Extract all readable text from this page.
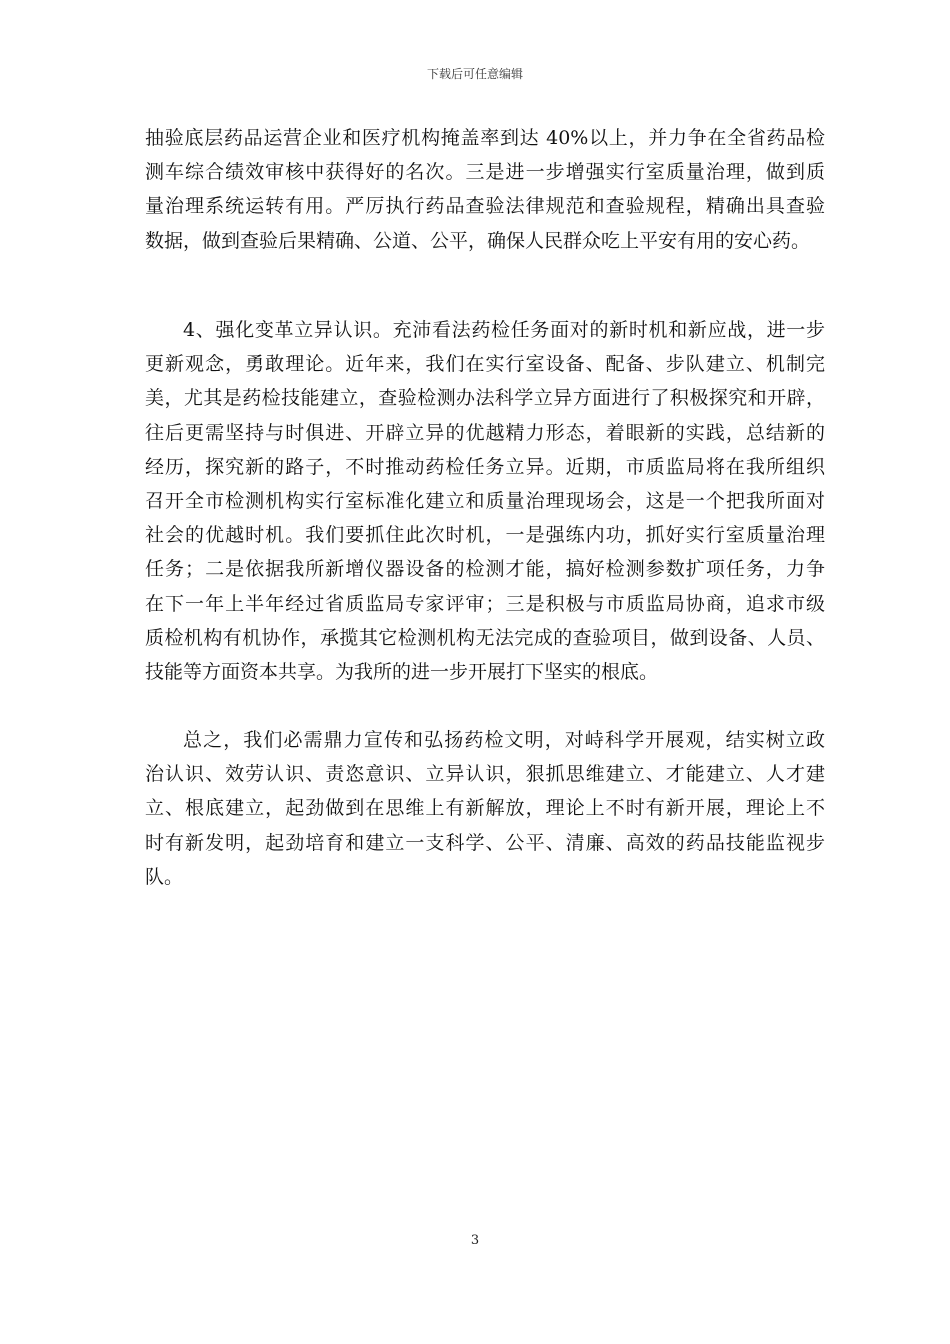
下载后可任意编辑
抽验底层药品运营企业和医疗机构掩盖率到达 40%以上，并力争在全省药品检
测车综合绩效审核中获得好的名次。三是进一步增强实行室质量治理，做到质
量治理系统运转有用。严厉执行药品查验法律规范和查验规程，精确出具查验
数据，做到查验后果精确、公道、公平，确保人民群众吃上平安有用的安心药。
4、强化变革立异认识。充沛看法药检任务面对的新时机和新应战，进一步
更新观念，勇敢理论。近年来，我们在实行室设备、配备、步队建立、机制完
美，尤其是药检技能建立，查验检测办法科学立异方面进行了积极探究和开辟，
往后更需坚持与时俱进、开辟立异的优越精力形态，着眼新的实践，总结新的
经历，探究新的路子，不时推动药检任务立异。近期，市质监局将在我所组织
召开全市检测机构实行室标准化建立和质量治理现场会，这是一个把我所面对
社会的优越时机。我们要抓住此次时机，一是强练内功，抓好实行室质量治理
任务；二是依据我所新增仪器设备的检测才能，搞好检测参数扩项任务，力争
在下一年上半年经过省质监局专家评审；三是积极与市质监局协商，追求市级
质检机构有机协作，承揽其它检测机构无法完成的查验项目，做到设备、人员、
技能等方面资本共享。为我所的进一步开展打下坚实的根底。
总之，我们必需鼎力宣传和弘扬药检文明，对峙科学开展观，结实树立政
治认识、效劳认识、责恣意识、立异认识，狠抓思维建立、才能建立、人才建
立、根底建立，起劲做到在思维上有新解放，理论上不时有新开展，理论上不
时有新发明，起劲培育和建立一支科学、公平、清廉、高效的药品技能监视步
队。
3
